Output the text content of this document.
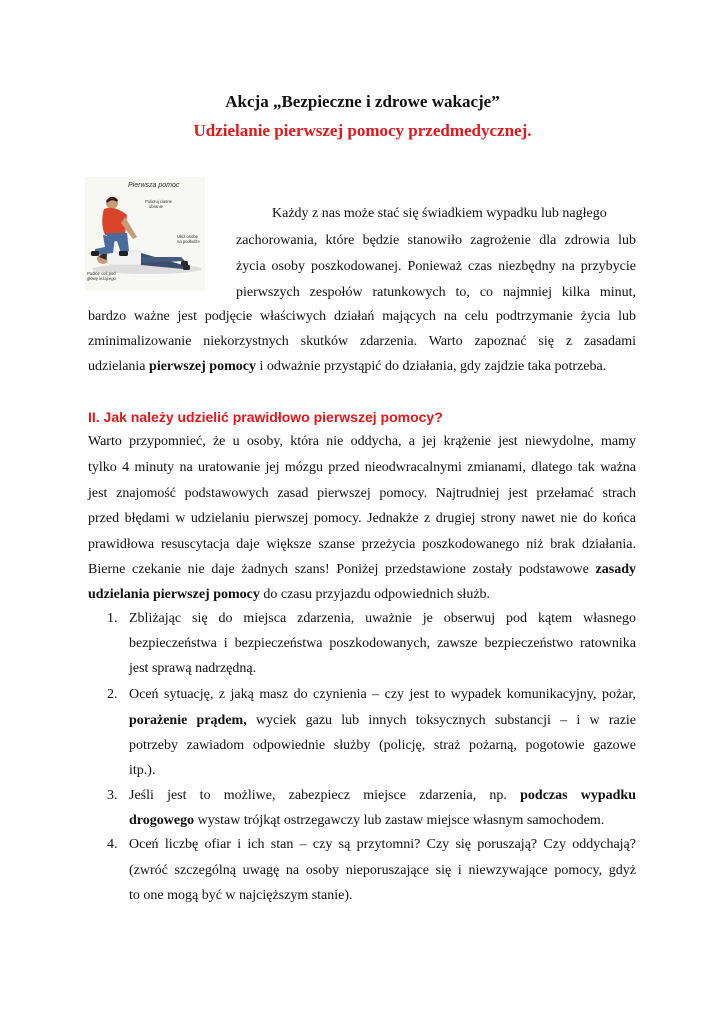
Akcja „Bezpieczne i zdrowe wakacje”
Udzielanie pierwszej pomocy przedmedycznej.
Pierwsza pomoc
Poluzuj ciasne
ubranie
Ułóż osobę
na podłodze
Podłóż coś pod
głowę leżącego
Każdy z nas może stać się świadkiem wypadku lub nagłego
zachorowania, które będzie stanowiło zagrożenie dla zdrowia lub
życia osoby poszkodowanej. Ponieważ czas niezbędny na przybycie
pierwszych zespołów ratunkowych to, co najmniej kilka minut,
bardzo ważne jest podjęcie właściwych działań mających na celu podtrzymanie życia lub
zminimalizowanie niekorzystnych skutków zdarzenia. Warto zapoznać się z zasadami
udzielania pierwszej pomocy i odważnie przystąpić do działania, gdy zajdzie taka potrzeba.
II. Jak należy udzielić prawidłowo pierwszej pomocy?
Warto przypomnieć, że u osoby, która nie oddycha, a jej krążenie jest niewydolne, mamy
tylko 4 minuty na uratowanie jej mózgu przed nieodwracalnymi zmianami, dlatego tak ważna
jest znajomość podstawowych zasad pierwszej pomocy. Najtrudniej jest przełamać strach
przed błędami w udzielaniu pierwszej pomocy. Jednakże z drugiej strony nawet nie do końca
prawidłowa resuscytacja daje większe szanse przeżycia poszkodowanego niż brak działania.
Bierne czekanie nie daje żadnych szans! Poniżej przedstawione zostały podstawowe zasady
udzielania pierwszej pomocy do czasu przyjazdu odpowiednich służb.
1. Zbliżając się do miejsca zdarzenia, uważnie je obserwuj pod kątem własnego
bezpieczeństwa i bezpieczeństwa poszkodowanych, zawsze bezpieczeństwo ratownika
jest sprawą nadrzędną.
2. Oceń sytuację, z jaką masz do czynienia – czy jest to wypadek komunikacyjny, pożar,
porażenie prądem, wyciek gazu lub innych toksycznych substancji – i w razie
potrzeby zawiadom odpowiednie służby (policję, straż pożarną, pogotowie gazowe
itp.).
3. Jeśli jest to możliwe, zabezpiecz miejsce zdarzenia, np. podczas wypadku
drogowego wystaw trójkąt ostrzegawczy lub zastaw miejsce własnym samochodem.
4. Oceń liczbę ofiar i ich stan – czy są przytomni? Czy się poruszają? Czy oddychają?
(zwróć szczególną uwagę na osoby nieporuszające się i niewzywające pomocy, gdyż
to one mogą być w najcięższym stanie).
